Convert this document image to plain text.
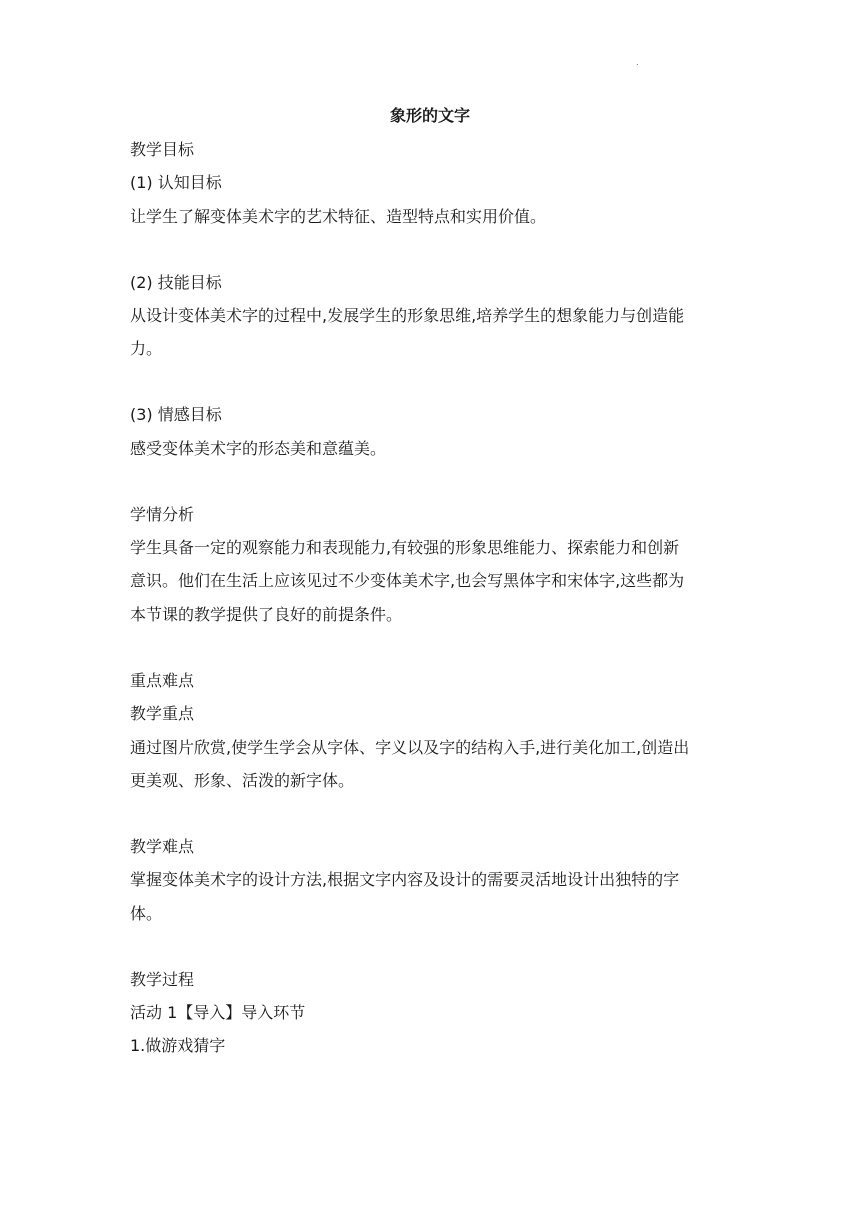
.
象形的文字
教学目标
(1) 认知目标
让学生了解变体美术字的艺术特征、造型特点和实用价值。
(2) 技能目标
从设计变体美术字的过程中,发展学生的形象思维,培养学生的想象能力与创造能
力。
(3) 情感目标
感受变体美术字的形态美和意蕴美。
学情分析
学生具备一定的观察能力和表现能力,有较强的形象思维能力、探索能力和创新
意识。他们在生活上应该见过不少变体美术字,也会写黑体字和宋体字,这些都为
本节课的教学提供了良好的前提条件。
重点难点
教学重点
通过图片欣赏,使学生学会从字体、字义以及字的结构入手,进行美化加工,创造出
更美观、形象、活泼的新字体。
教学难点
掌握变体美术字的设计方法,根据文字内容及设计的需要灵活地设计出独特的字
体。
教学过程
活动 1【导入】导入环节
1.做游戏猜字
